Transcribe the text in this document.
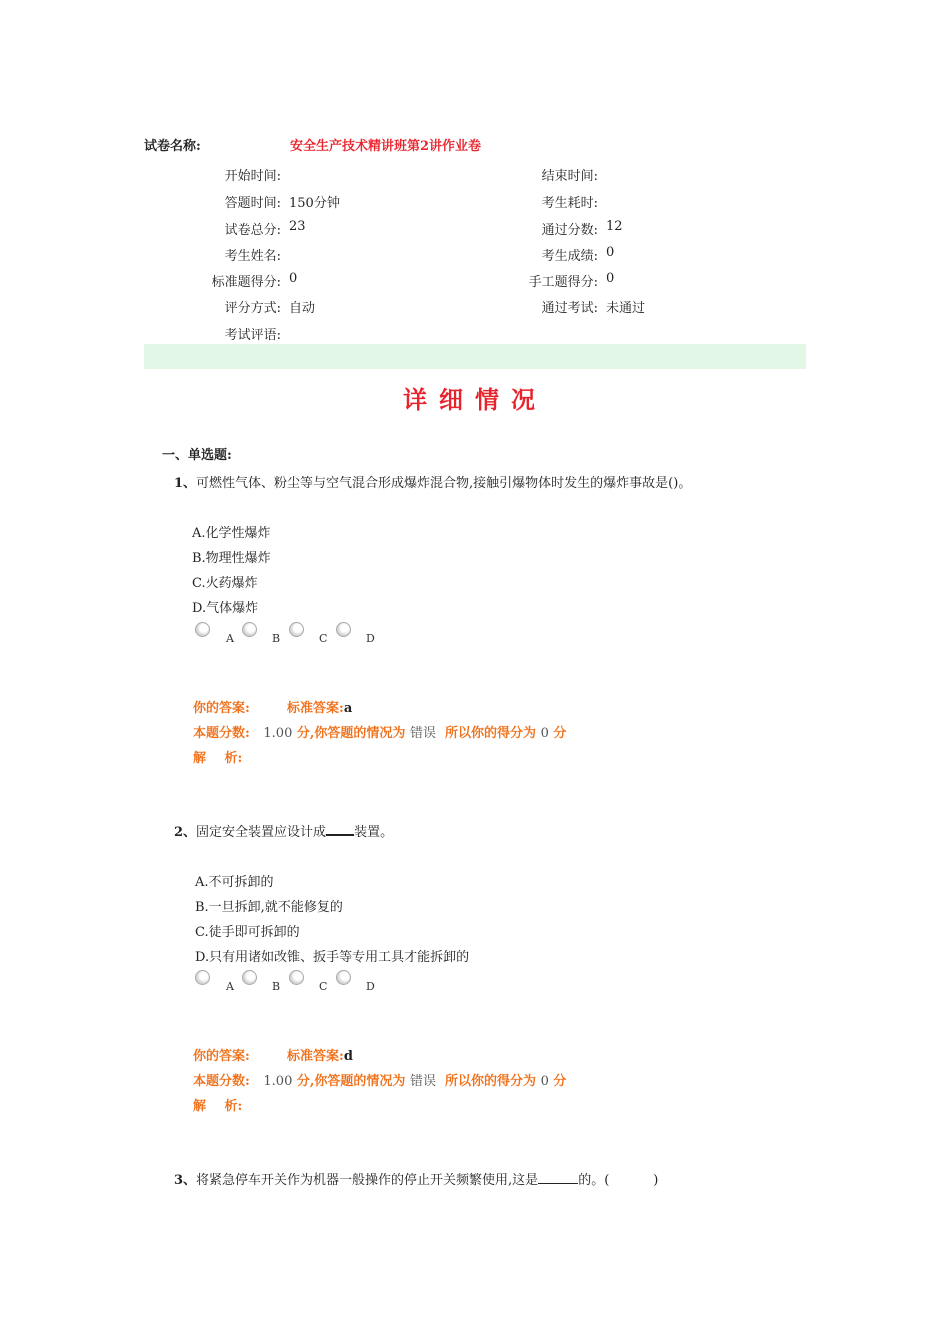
试卷名称:	安全生产技术精讲班第2讲作业卷
开始时间:	结束时间:
答题时间: 150分钟	考生耗时:
试卷总分: 23	通过分数: 12
考生姓名:	考生成绩: 0
标准题得分: 0	手工题得分: 0
评分方式: 自动	通过考试: 未通过
考试评语:
详细情况
一、单选题:
1、可燃性气体、粉尘等与空气混合形成爆炸混合物,接触引爆物体时发生的爆炸事故是()。
A.化学性爆炸
B.物理性爆炸
C.火药爆炸
D.气体爆炸
A	B	C	D
你的答案:	标准答案:a
本题分数: 1.00 分,你答题的情况为 错误 所以你的得分为 0 分
解 析:
2、固定安全装置应设计成 装置。
A.不可拆卸的
B.一旦拆卸,就不能修复的
C.徒手即可拆卸的
D.只有用诸如改锥、扳手等专用工具才能拆卸的
A	B	C	D
你的答案:	标准答案:d
本题分数: 1.00 分,你答题的情况为 错误 所以你的得分为 0 分
解 析:
3、将紧急停车开关作为机器一般操作的停止开关频繁使用,这是	的。(	)
